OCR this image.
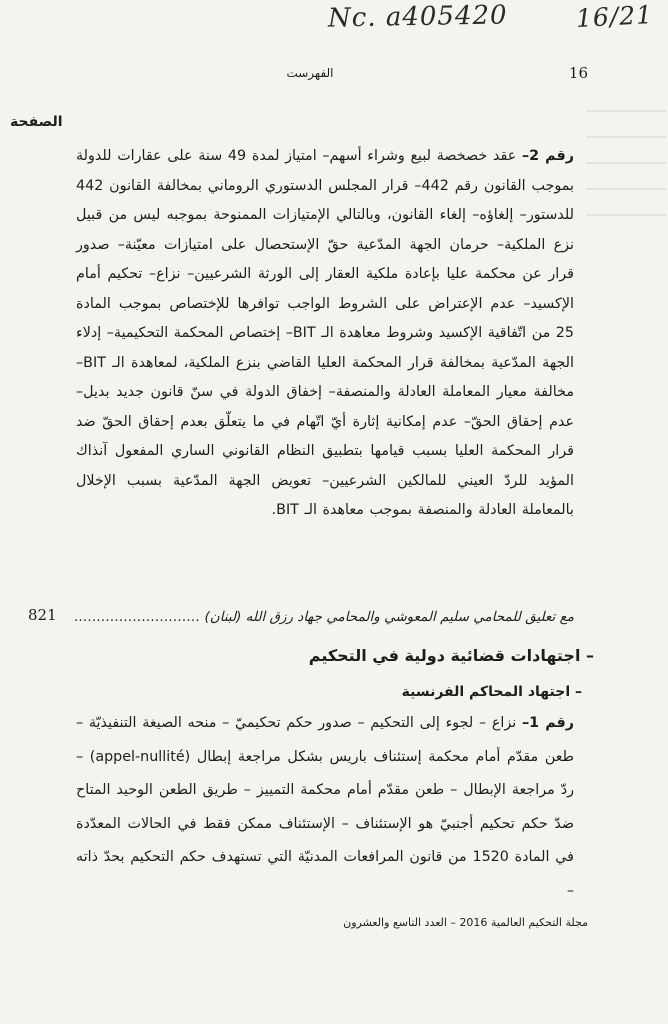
Nc. a405420	16/21
الفهرست	16
الصفحة
رقم 2– عقد خصخصة لبيع وشراء أسهم– امتياز لمدة 49 سنة على عقارات للدولة بموجب القانون رقم 442– قرار المجلس الدستوري الروماني بمخالفة القانون 442 للدستور– إلغاؤه– إلغاء القانون، وبالتالي الإمتيازات الممنوحة بموجبه ليس من قبيل نزع الملكية– حرمان الجهة المدّعية حقّ الإستحصال على امتيازات معيّنة– صدور قرار عن محكمة عليا بإعادة ملكية العقار إلى الورثة الشرعيين– نزاع– تحكيم أمام الإكسيد– عدم الإعتراض على الشروط الواجب توافرها للإختصاص بموجب المادة 25 من اتّفاقية الإكسيد وشروط معاهدة الـ BIT– إختصاص المحكمة التحكيمية– إدلاء الجهة المدّعية بمخالفة قرار المحكمة العليا القاضي بنزع الملكية، لمعاهدة الـ BIT– مخالفة معيار المعاملة العادلة والمنصفة– إخفاق الدولة في سنّ قانون جديد بديل– عدم إحقاق الحقّ– عدم إمكانية إثارة أيّ اتّهام في ما يتعلّق بعدم إحقاق الحقّ ضد قرار المحكمة العليا بسبب قيامها بتطبيق النظام القانوني الساري المفعول آنذاك المؤيد للردّ العيني للمالكين الشرعيين– تعويض الجهة المدّعية بسبب الإخلال بالمعاملة العادلة والمنصفة بموجب معاهدة الـ BIT.
مع تعليق للمحامي سليم المعوشي والمحامي جهاد رزق الله (لبنان) ……………………….
821
– اجتهادات قضائية دولية في التحكيم
– اجتهاد المحاكم الفرنسية
رقم 1– نزاع – لجوء إلى التحكيم – صدور حكم تحكيميّ – منحه الصيغة التنفيذيّة – طعن مقدّم أمام محكمة إستئناف باريس بشكل مراجعة إبطال (appel-nullité) – ردّ مراجعة الإبطال – طعن مقدّم أمام محكمة التمييز – طريق الطعن الوحيد المتاح ضدّ حكم تحكيم أجنبيّ هو الإستئناف – الإستئناف ممكن فقط في الحالات المعدّدة في المادة 1520 من قانون المرافعات المدنيّة التي تستهدف حكم التحكيم بحدّ ذاته –
مجلة التحكيم العالمية 2016 – العدد التاسع والعشرون
